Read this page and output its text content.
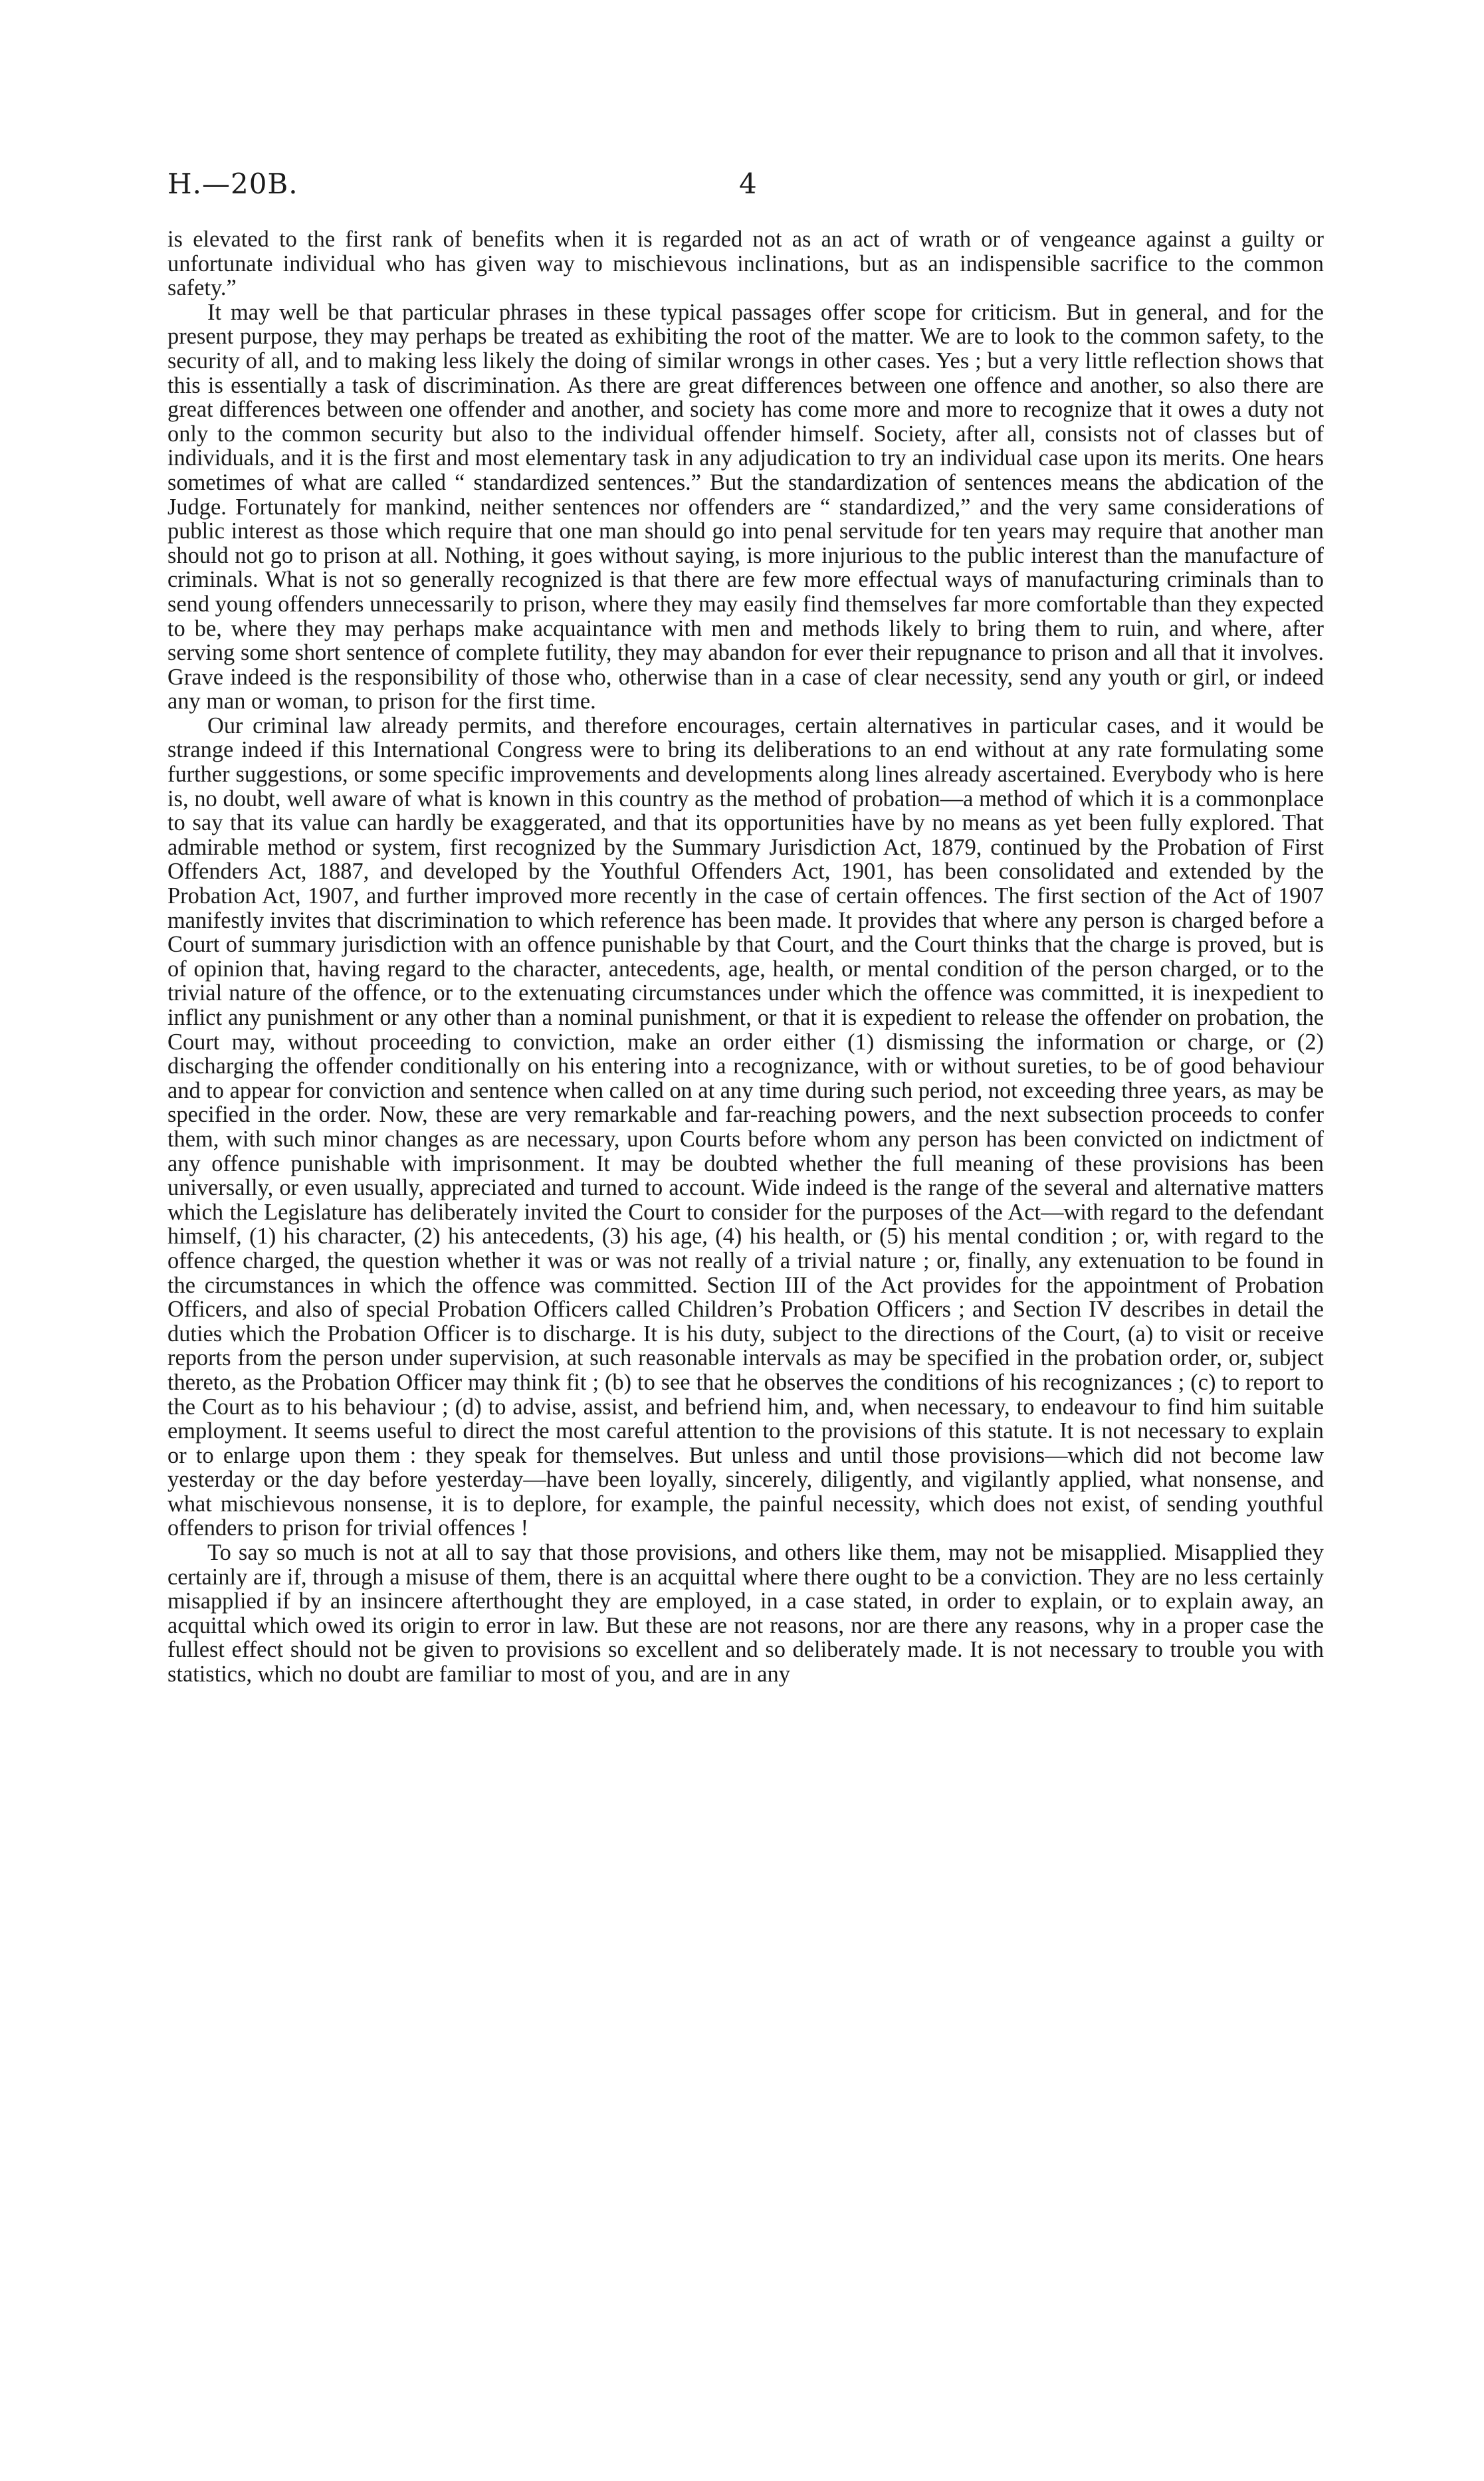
H.—20B.	4

is elevated to the first rank of benefits when it is regarded not as an act of wrath or of vengeance against a guilty or unfortunate individual who has given way to mischievous inclinations, but as an indispensible sacrifice to the common safety.”

It may well be that particular phrases in these typical passages offer scope for criticism. But in general, and for the present purpose, they may perhaps be treated as exhibiting the root of the matter. We are to look to the common safety, to the security of all, and to making less likely the doing of similar wrongs in other cases. Yes ; but a very little reflection shows that this is essentially a task of discrimination. As there are great differences between one offence and another, so also there are great differences between one offender and another, and society has come more and more to recognize that it owes a duty not only to the common security but also to the individual offender himself. Society, after all, consists not of classes but of individuals, and it is the first and most elementary task in any adjudication to try an individual case upon its merits. One hears sometimes of what are called “ standardized sentences.” But the standardization of sentences means the abdication of the Judge. Fortunately for mankind, neither sentences nor offenders are “ standardized,” and the very same considerations of public interest as those which require that one man should go into penal servitude for ten years may require that another man should not go to prison at all. Nothing, it goes without saying, is more injurious to the public interest than the manufacture of criminals. What is not so generally recognized is that there are few more effectual ways of manufacturing criminals than to send young offenders unnecessarily to prison, where they may easily find themselves far more comfortable than they expected to be, where they may perhaps make acquaintance with men and methods likely to bring them to ruin, and where, after serving some short sentence of complete futility, they may abandon for ever their repugnance to prison and all that it involves. Grave indeed is the responsibility of those who, otherwise than in a case of clear necessity, send any youth or girl, or indeed any man or woman, to prison for the first time.

Our criminal law already permits, and therefore encourages, certain alternatives in particular cases, and it would be strange indeed if this International Congress were to bring its deliberations to an end without at any rate formulating some further suggestions, or some specific improvements and developments along lines already ascertained. Everybody who is here is, no doubt, well aware of what is known in this country as the method of probation—a method of which it is a commonplace to say that its value can hardly be exaggerated, and that its opportunities have by no means as yet been fully explored. That admirable method or system, first recognized by the Summary Jurisdiction Act, 1879, continued by the Probation of First Offenders Act, 1887, and developed by the Youthful Offenders Act, 1901, has been consolidated and extended by the Probation Act, 1907, and further improved more recently in the case of certain offences. The first section of the Act of 1907 manifestly invites that discrimination to which reference has been made. It provides that where any person is charged before a Court of summary jurisdiction with an offence punishable by that Court, and the Court thinks that the charge is proved, but is of opinion that, having regard to the character, antecedents, age, health, or mental condition of the person charged, or to the trivial nature of the offence, or to the extenuating circumstances under which the offence was committed, it is inexpedient to inflict any punishment or any other than a nominal punishment, or that it is expedient to release the offender on probation, the Court may, without proceeding to conviction, make an order either (1) dismissing the information or charge, or (2) discharging the offender conditionally on his entering into a recognizance, with or without sureties, to be of good behaviour and to appear for conviction and sentence when called on at any time during such period, not exceeding three years, as may be specified in the order. Now, these are very remarkable and far-reaching powers, and the next subsection proceeds to confer them, with such minor changes as are necessary, upon Courts before whom any person has been convicted on indictment of any offence punishable with imprisonment. It may be doubted whether the full meaning of these provisions has been universally, or even usually, appreciated and turned to account. Wide indeed is the range of the several and alternative matters which the Legislature has deliberately invited the Court to consider for the purposes of the Act—with regard to the defendant himself, (1) his character, (2) his antecedents, (3) his age, (4) his health, or (5) his mental condition ; or, with regard to the offence charged, the question whether it was or was not really of a trivial nature ; or, finally, any extenuation to be found in the circumstances in which the offence was committed. Section III of the Act provides for the appointment of Probation Officers, and also of special Probation Officers called Children’s Probation Officers ; and Section IV describes in detail the duties which the Probation Officer is to discharge. It is his duty, subject to the directions of the Court, (a) to visit or receive reports from the person under supervision, at such reasonable intervals as may be specified in the probation order, or, subject thereto, as the Probation Officer may think fit ; (b) to see that he observes the conditions of his recognizances ; (c) to report to the Court as to his behaviour ; (d) to advise, assist, and befriend him, and, when necessary, to endeavour to find him suitable employment. It seems useful to direct the most careful attention to the provisions of this statute. It is not necessary to explain or to enlarge upon them : they speak for themselves. But unless and until those provisions—which did not become law yesterday or the day before yesterday—have been loyally, sincerely, diligently, and vigilantly applied, what nonsense, and what mischievous nonsense, it is to deplore, for example, the painful necessity, which does not exist, of sending youthful offenders to prison for trivial offences !

To say so much is not at all to say that those provisions, and others like them, may not be misapplied. Misapplied they certainly are if, through a misuse of them, there is an acquittal where there ought to be a conviction. They are no less certainly misapplied if by an insincere afterthought they are employed, in a case stated, in order to explain, or to explain away, an acquittal which owed its origin to error in law. But these are not reasons, nor are there any reasons, why in a proper case the fullest effect should not be given to provisions so excellent and so deliberately made. It is not necessary to trouble you with statistics, which no doubt are familiar to most of you, and are in any
